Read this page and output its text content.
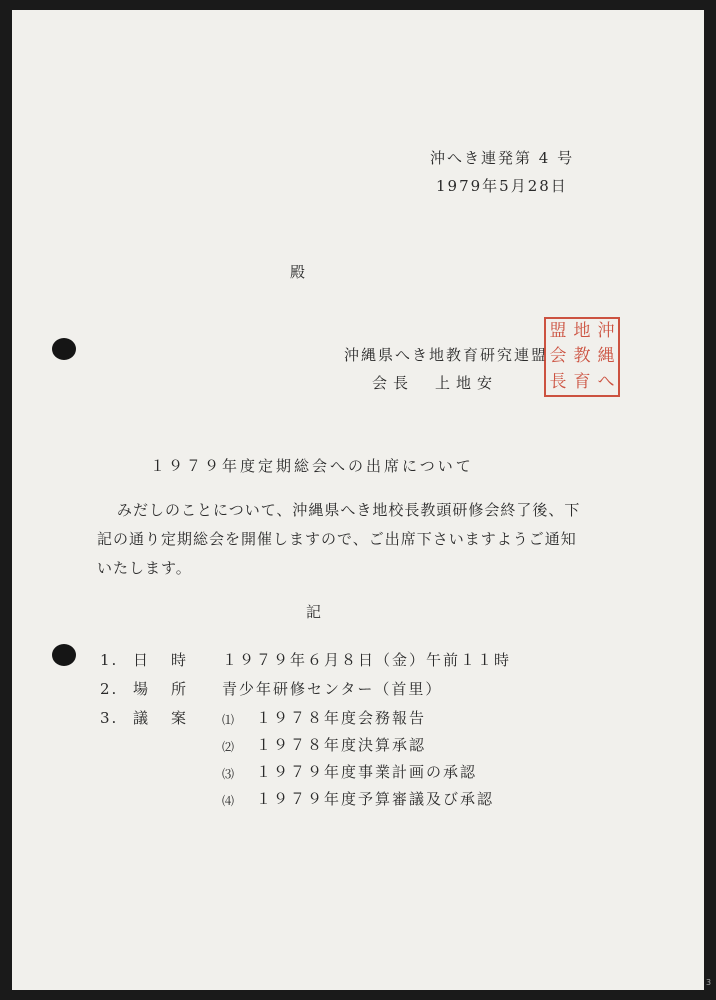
沖へき連発第 4 号
1979年5月28日
殿
沖縄県へき地教育研究連盟
会長　上地安
盟 地 沖
会 教 縄
長 育 へ
１９７９年度定期総会への出席について
みだしのことについて、沖縄県へき地校長教頭研修会終了後、下
記の通り定期総会を開催しますので、ご出席下さいますようご通知
いたします。
記
1. 日　時 １９７９年６月８日（金）午前１１時
2. 場　所 青少年研修センター（首里）
3. 議　案	⑴ １９７８年度会務報告
⑵ １９７８年度決算承認
⑶ １９７９年度事業計画の承認
⑷ １９７９年度予算審議及び承認
3
